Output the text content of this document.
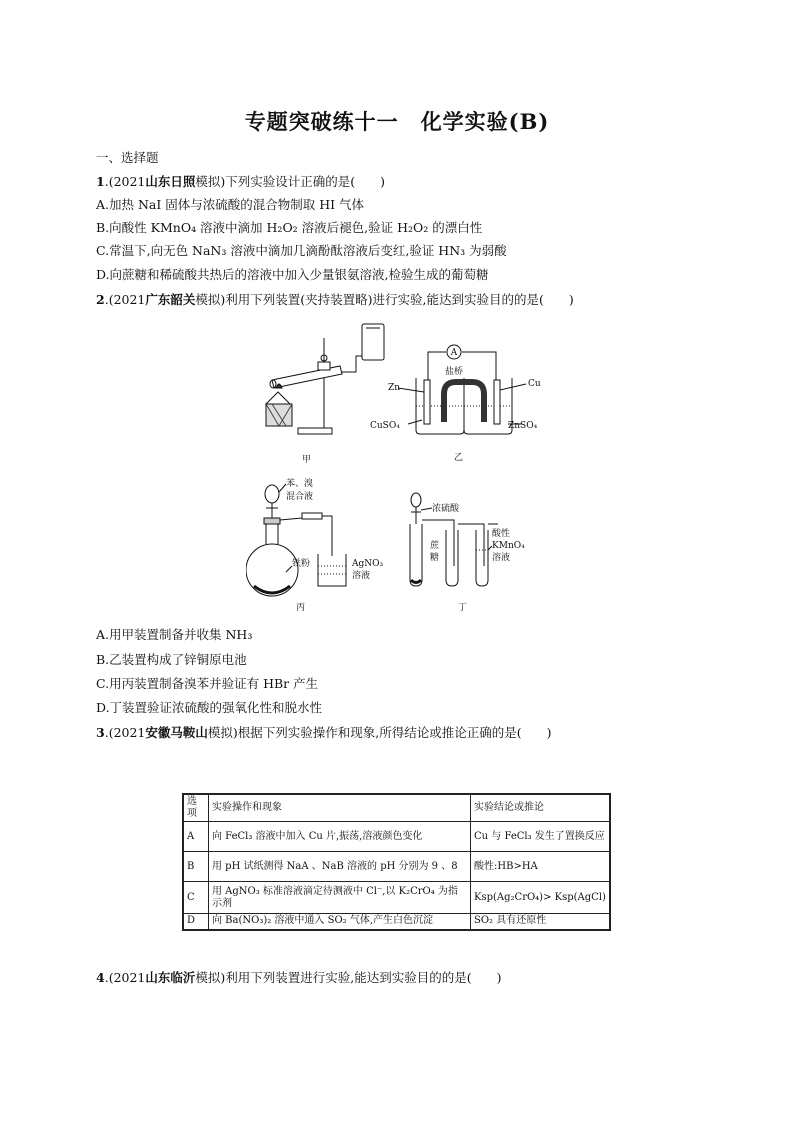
专题突破练十一 化学实验(B)
一、选择题
1.(2021山东日照模拟)下列实验设计正确的是(　　)
A.加热 NaI 固体与浓硫酸的混合物制取 HI 气体
B.向酸性 KMnO₄ 溶液中滴加 H₂O₂ 溶液后褪色,验证 H₂O₂ 的漂白性
C.常温下,向无色 NaN₃ 溶液中滴加几滴酚酞溶液后变红,验证 HN₃ 为弱酸
D.向蔗糖和稀硫酸共热后的溶液中加入少量银氨溶液,检验生成的葡萄糖
2.(2021广东韶关模拟)利用下列装置(夹持装置略)进行实验,能达到实验目的的是(　　)
甲
A
盐桥
Zn	Cu
CuSO₄	ZnSO₄
乙
苯、溴
混合液
铁粉	AgNO₃
溶液
丙
浓硫酸
蔗
糖
酸性
KMnO₄
溶液
丁
A.用甲装置制备并收集 NH₃
B.乙装置构成了锌铜原电池
C.用丙装置制备溴苯并验证有 HBr 产生
D.丁装置验证浓硫酸的强氧化性和脱水性
3.(2021安徽马鞍山模拟)根据下列实验操作和现象,所得结论或推论正确的是(　　)
选项	实验操作和现象	实验结论或推论
A	向 FeCl₃ 溶液中加入 Cu 片,振荡,溶液颜色变化	Cu 与 FeCl₃ 发生了置换反应
B	用 pH 试纸测得 NaA 、NaB 溶液的 pH 分别为 9 、8	酸性:HB>HA
C	用 AgNO₃ 标准溶液滴定待测液中 Cl⁻,以 K₂CrO₄ 为指示剂	Ksp(Ag₂CrO₄)> Ksp(AgCl)
D	向 Ba(NO₃)₂ 溶液中通入 SO₂ 气体,产生白色沉淀	SO₂ 具有还原性
4.(2021山东临沂模拟)利用下列装置进行实验,能达到实验目的的是(　　)
